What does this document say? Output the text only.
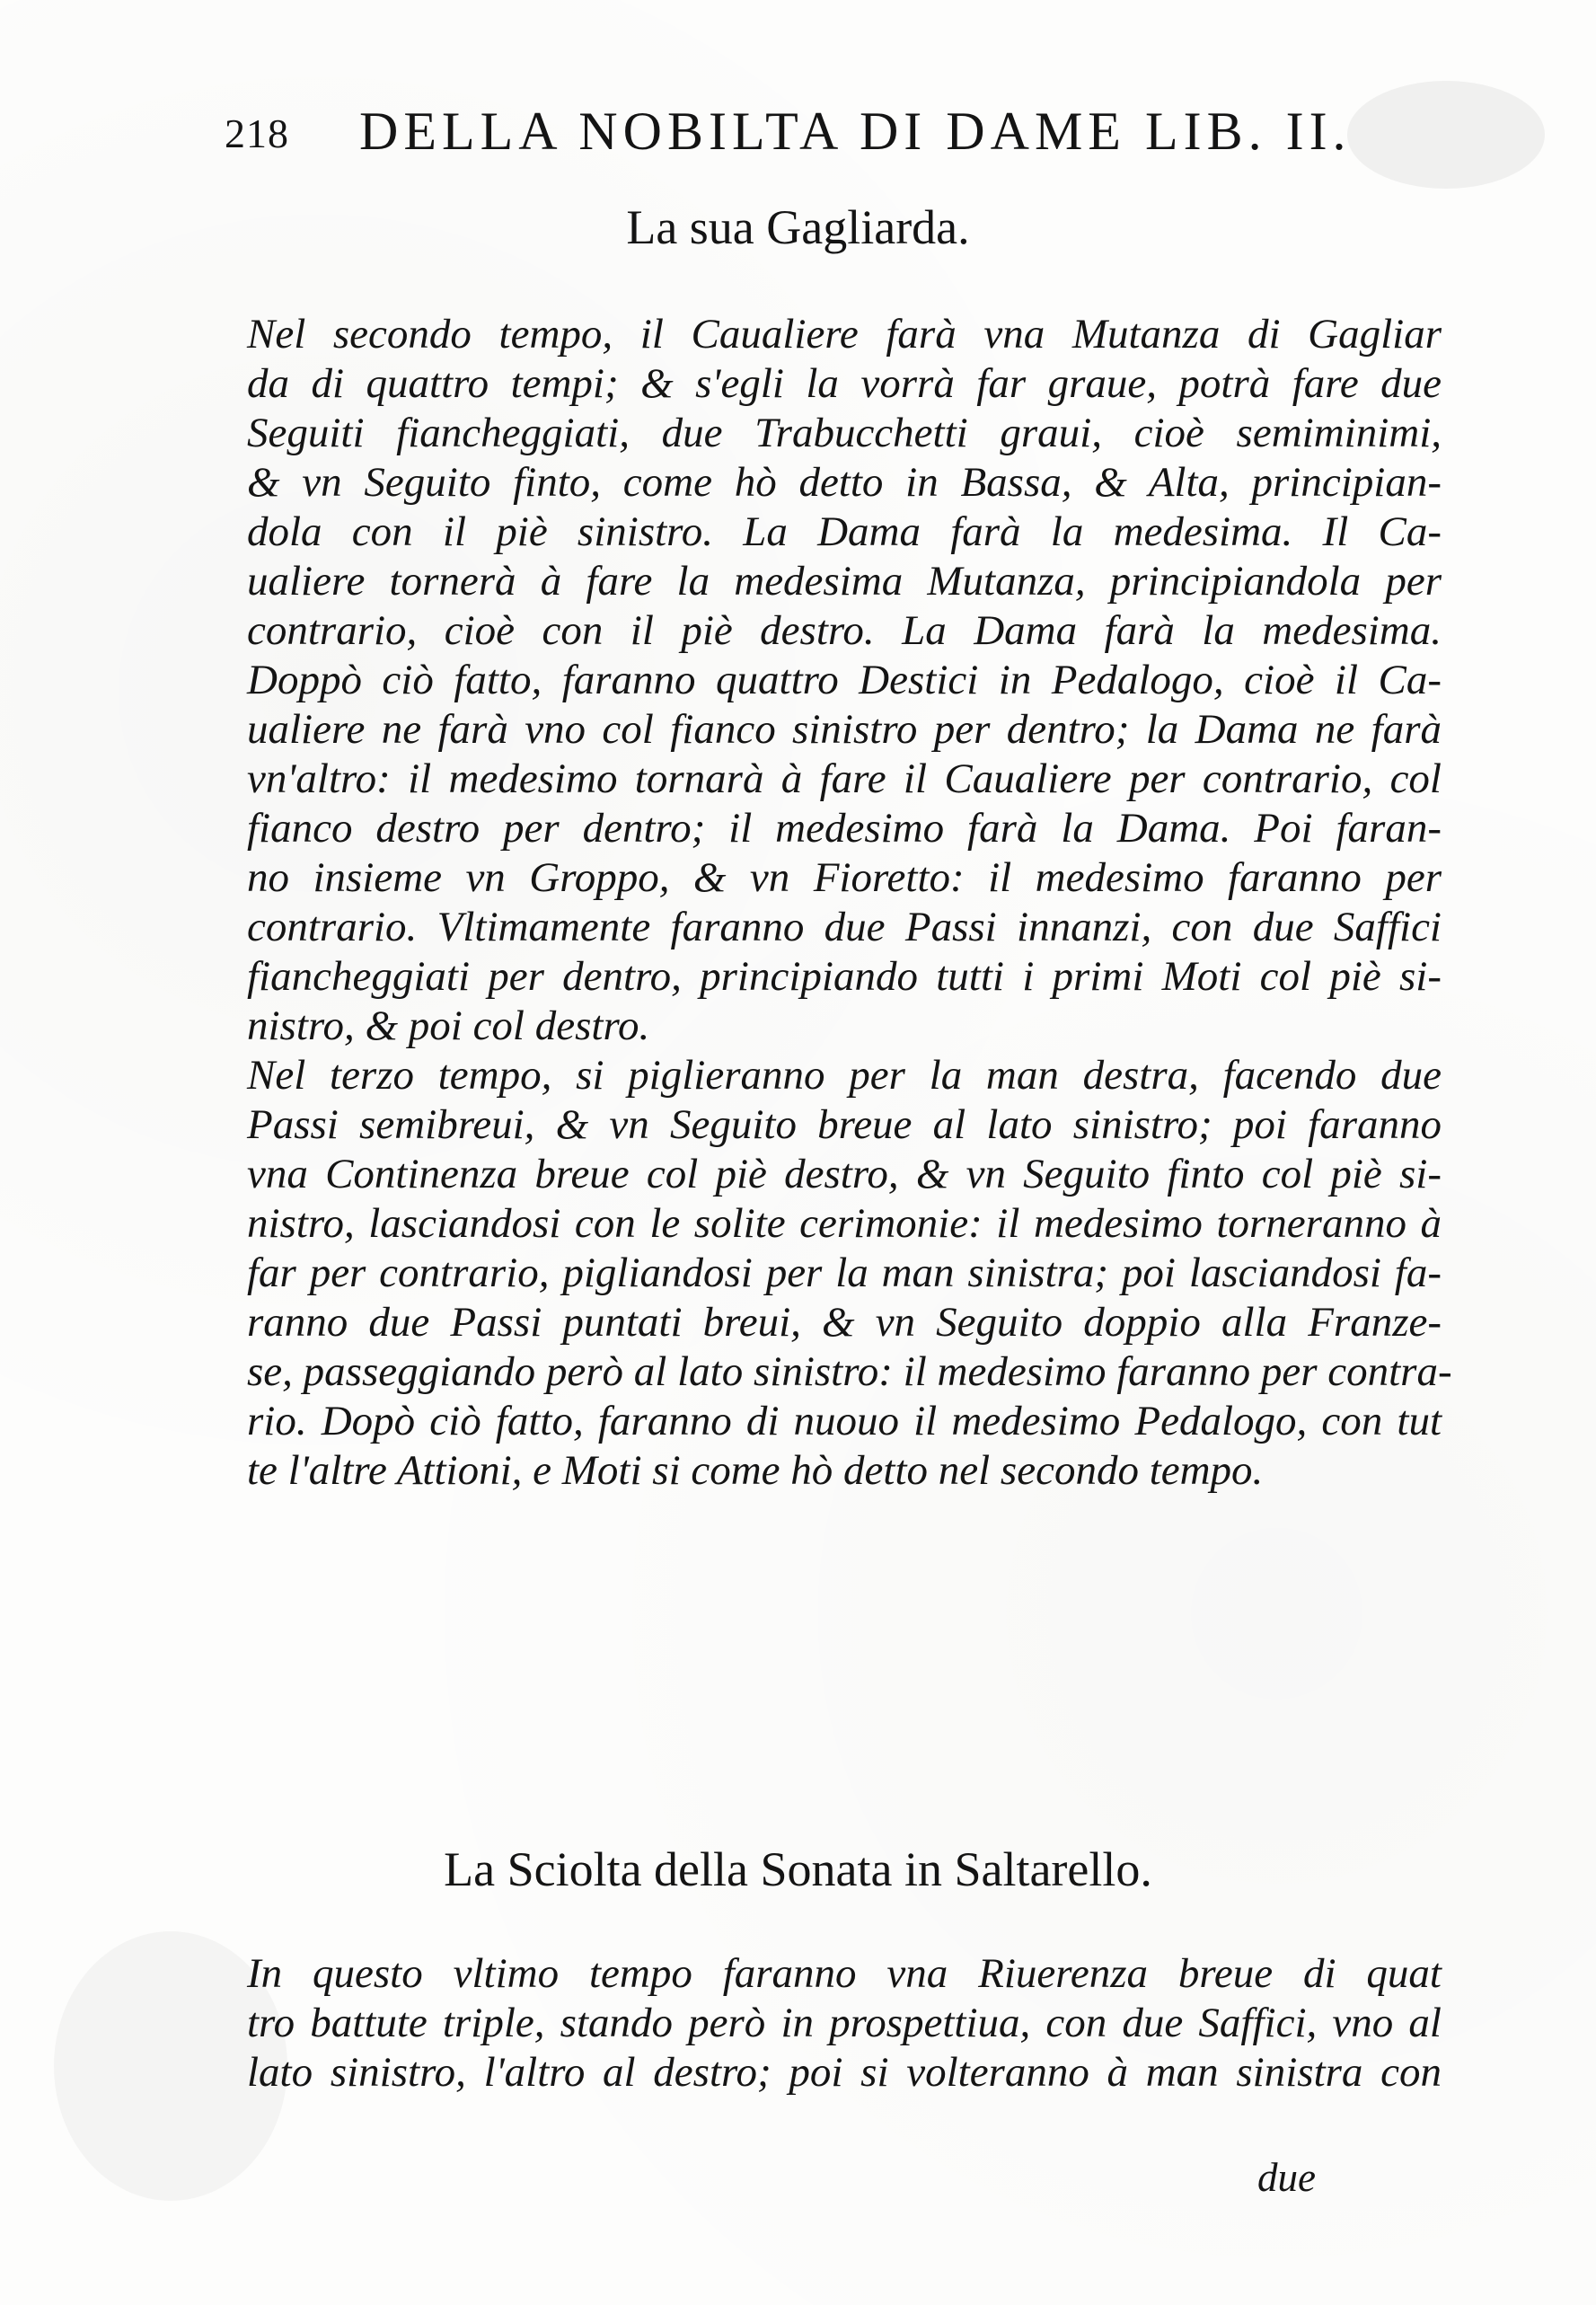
218 DELLA NOBILTA DI DAME LIB. II.
La sua Gagliarda.
Nel secondo tempo, il Caualiere farà vna Mutanza di Gagliar
da di quattro tempi; & s'egli la vorrà far graue, potrà fare due
Seguiti fiancheggiati, due Trabucchetti graui, cioè semiminimi,
& vn Seguito finto, come hò detto in Bassa, & Alta, principian-
dola con il piè sinistro. La Dama farà la medesima. Il Ca-
ualiere tornerà à fare la medesima Mutanza, principiandola per
contrario, cioè con il piè destro. La Dama farà la medesima.
Doppò ciò fatto, faranno quattro Destici in Pedalogo, cioè il Ca-
ualiere ne farà vno col fianco sinistro per dentro; la Dama ne farà
vn'altro: il medesimo tornarà à fare il Caualiere per contrario, col
fianco destro per dentro; il medesimo farà la Dama. Poi faran-
no insieme vn Groppo, & vn Fioretto: il medesimo faranno per
contrario. Vltimamente faranno due Passi innanzi, con due Saffici
fiancheggiati per dentro, principiando tutti i primi Moti col piè si-
nistro, & poi col destro.
Nel terzo tempo, si piglieranno per la man destra, facendo due
Passi semibreui, & vn Seguito breue al lato sinistro; poi faranno
vna Continenza breue col piè destro, & vn Seguito finto col piè si-
nistro, lasciandosi con le solite cerimonie: il medesimo torneranno à
far per contrario, pigliandosi per la man sinistra; poi lasciandosi fa-
ranno due Passi puntati breui, & vn Seguito doppio alla Franze-
se, passeggiando però al lato sinistro: il medesimo faranno per contra-
rio. Dopò ciò fatto, faranno di nuouo il medesimo Pedalogo, con tut
te l'altre Attioni, e Moti si come hò detto nel secondo tempo.
La Sciolta della Sonata in Saltarello.
In questo vltimo tempo faranno vna Riuerenza breue di quat
tro battute triple, stando però in prospettiua, con due Saffici, vno al
lato sinistro, l'altro al destro; poi si volteranno à man sinistra con
due
